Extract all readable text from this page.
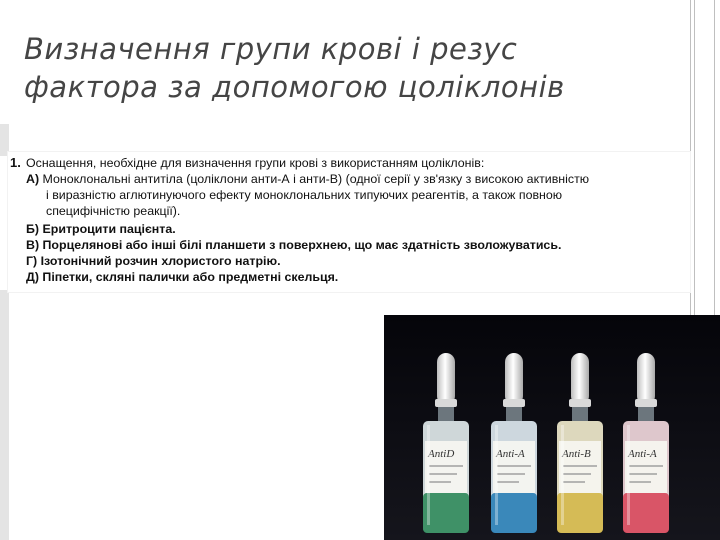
Визначення групи крові і резус
фактора за допомогою цоліклонів
1. Оснащення, необхідне для визначення групи крові з використанням цоліклонів:
А) Моноклональні антитіла (цоліклони анти-А і анти-В) (одної серії у зв'язку з високою активністю
і виразністю аглютинуючого ефекту моноклональних типуючих реагентів, а також повною
специфічністю реакції).
Б) Еритроцити пацієнта.
В) Порцелянові або інші білі планшети з поверхнею, що має здатність зволожуватись.
Г) Ізотонічний розчин хлористого натрію.
Д) Піпетки, скляні палички або предметні скельця.
AntiD	Anti-A	Anti-B	Anti-A
